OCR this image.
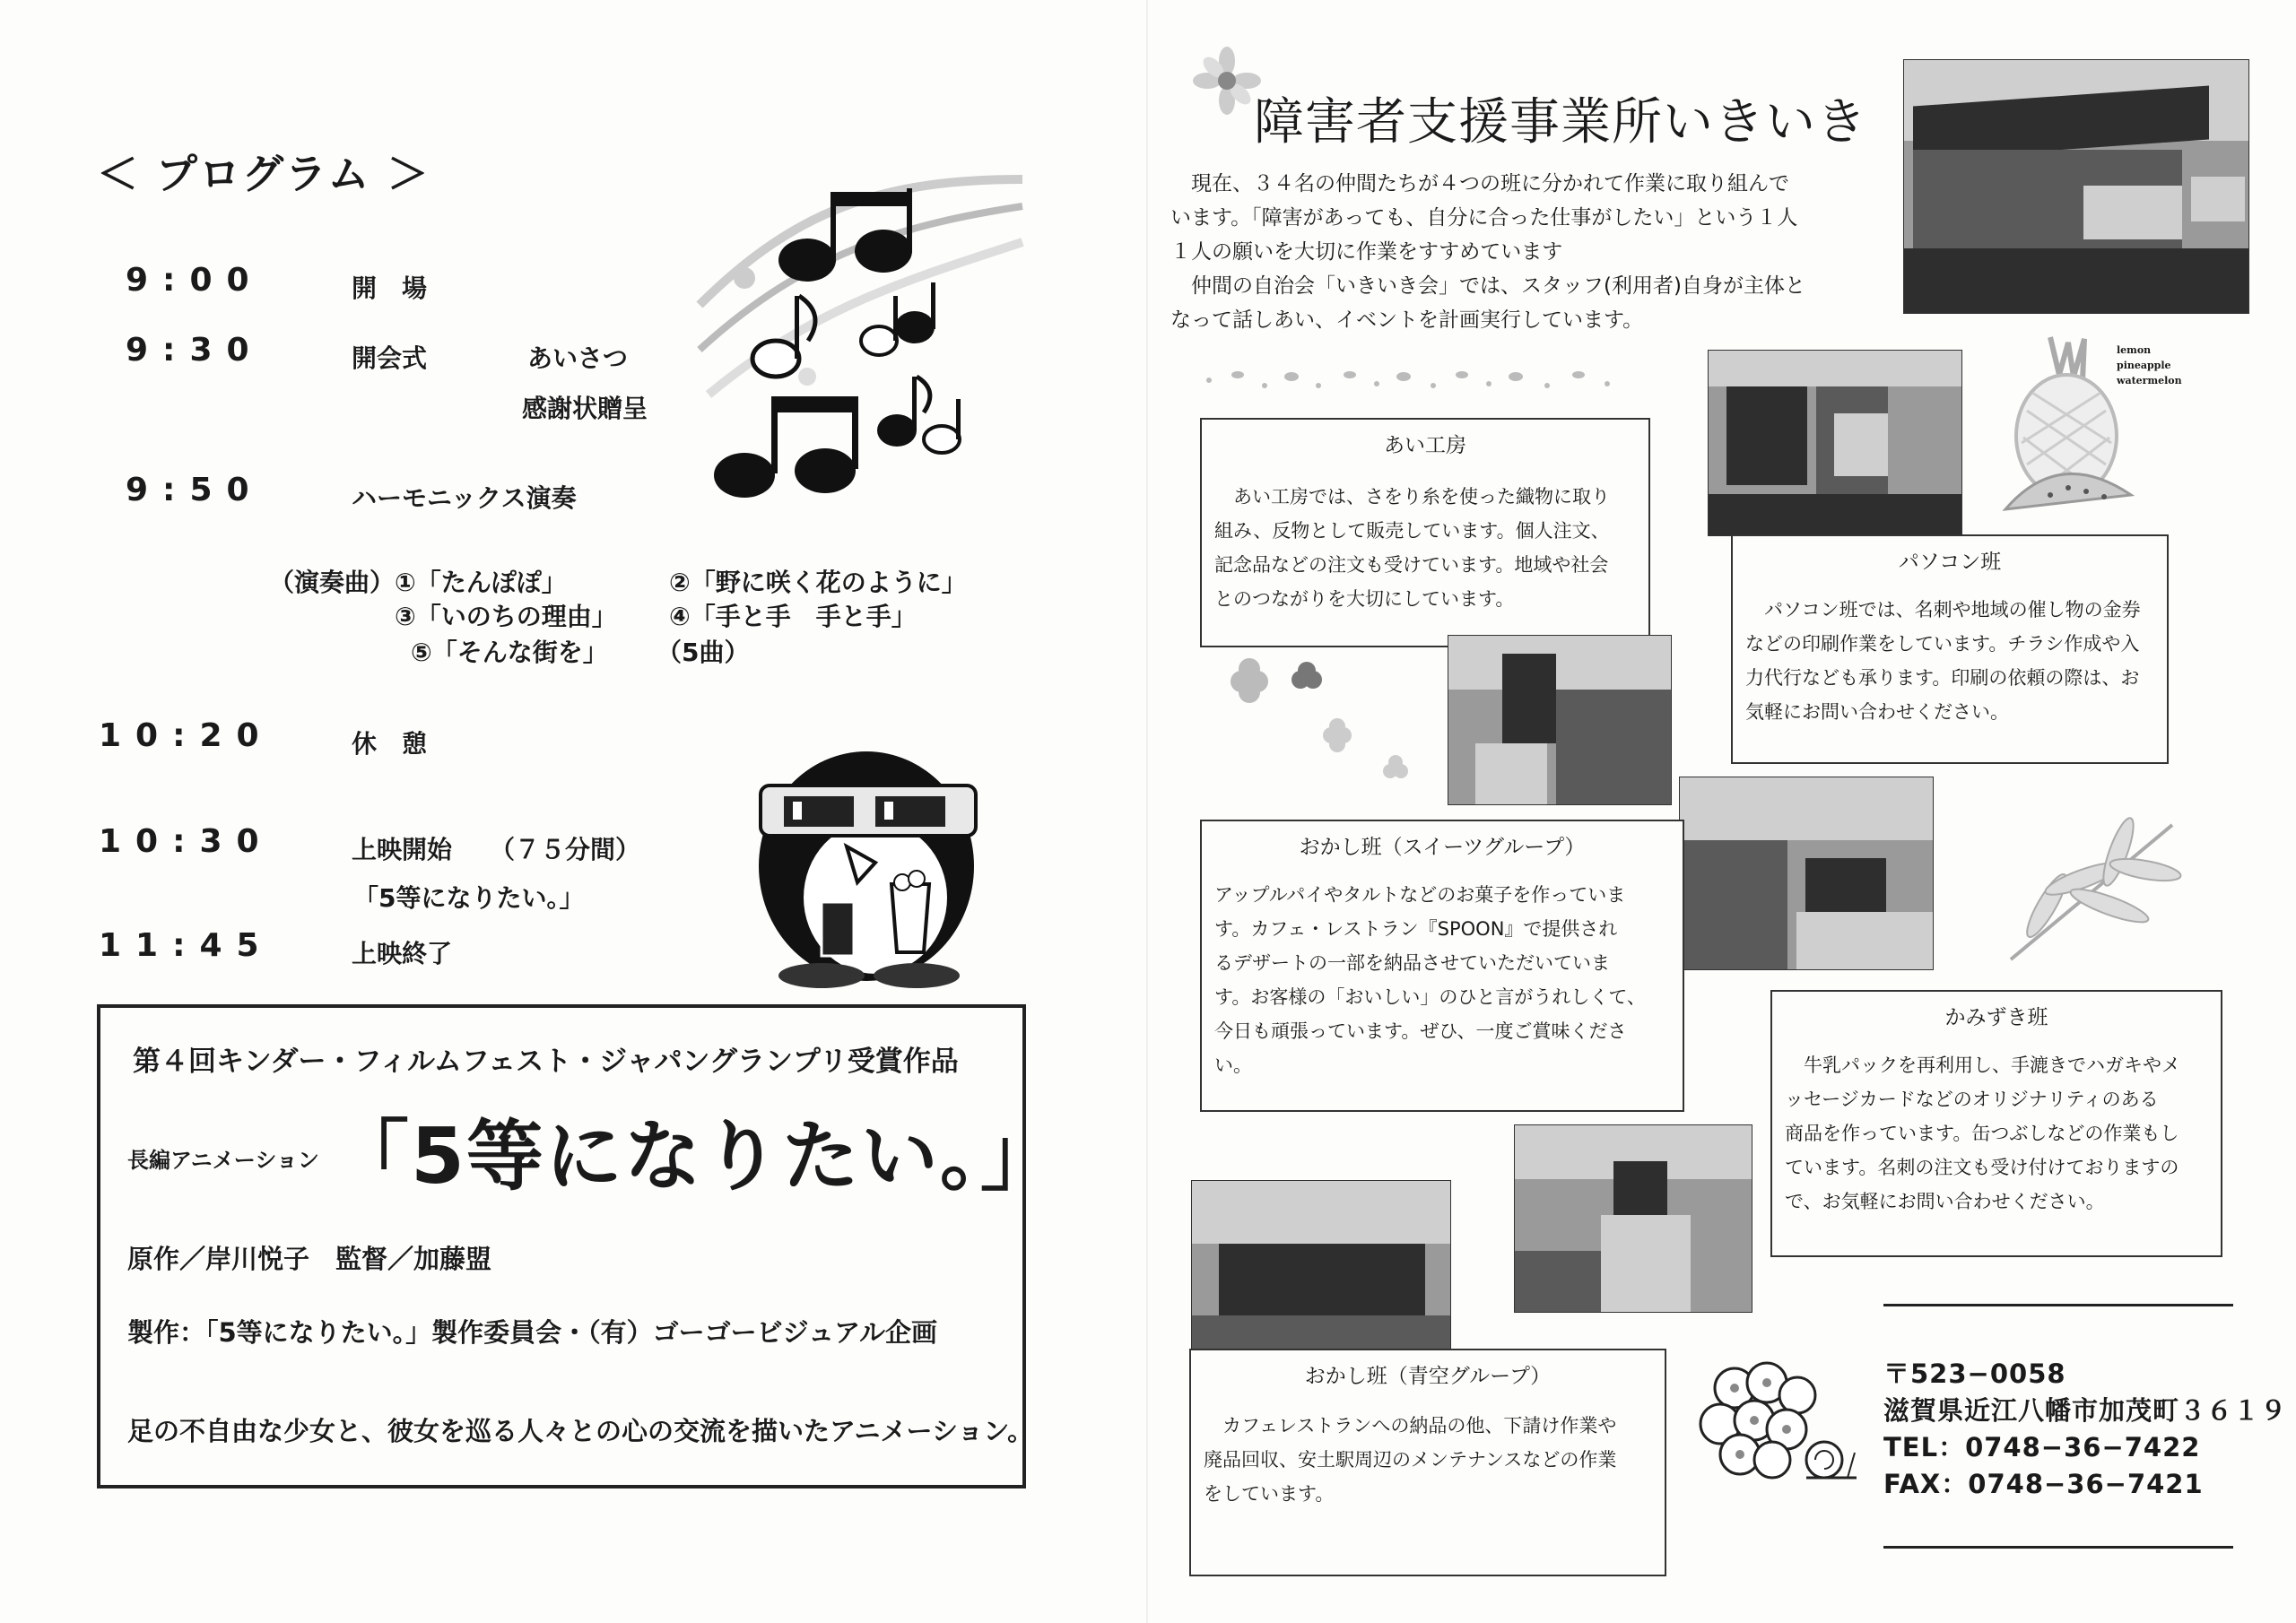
＜ プログラム ＞
9:00	開　場
9:30	開会式	あいさつ
感謝状贈呈
9:50	ハーモニックス演奏
（演奏曲） ①「たんぽぽ」	②「野に咲く花のように」
③「いのちの理由」 ④「手と手　手と手」
⑤「そんな街を」 （5曲）
10:20	休　憩
10:30	上映開始 （７５分間）
「5等になりたい。」
11:45	上映終了
第４回キンダー・フィルムフェスト・ジャパングランプリ受賞作品
長編アニメーション 「5等になりたい。」
原作／岸川悦子　監督／加藤盟
製作：「5等になりたい。」製作委員会・（有）ゴーゴービジュアル企画
足の不自由な少女と、彼女を巡る人々との心の交流を描いたアニメーション。
障害者支援事業所いきいき

現在、３４名の仲間たちが４つの班に分かれて作業に取り組んで

います。「障害があっても、自分に合った仕事がしたい」という１人

１人の願いを大切に作業をすすめています

仲間の自治会「いきいき会」では、スタッフ(利用者)自身が主体と

なって話しあい、イベントを計画実行しています。

lemon
pineapple
watermelon
あい工房
　あい工房では、さをり糸を使った織物に取り
組み、反物として販売しています。個人注文、
記念品などの注文も受けています。地域や社会
とのつながりを大切にしています。
パソコン班
　パソコン班では、名刺や地域の催し物の金券
などの印刷作業をしています。チラシ作成や入
力代行なども承ります。印刷の依頼の際は、お
気軽にお問い合わせください。
おかし班（スイーツグループ）
アップルパイやタルトなどのお菓子を作っていま
す。カフェ・レストラン『SPOON』で提供され
るデザートの一部を納品させていただいていま
す。お客様の「おいしい」のひと言がうれしくて、
今日も頑張っています。ぜひ、一度ご賞味くださ
い。
かみずき班
　牛乳パックを再利用し、手漉きでハガキやメ
ッセージカードなどのオリジナリティのある
商品を作っています。缶つぶしなどの作業もし
ています。名刺の注文も受け付けておりますの
で、お気軽にお問い合わせください。
おかし班（青空グループ）
　カフェレストランへの納品の他、下請け作業や
廃品回収、安土駅周辺のメンテナンスなどの作業
をしています。
〒523−0058
滋賀県近江八幡市加茂町３６１９
TEL：0748−36−7422
FAX：0748−36−7421
